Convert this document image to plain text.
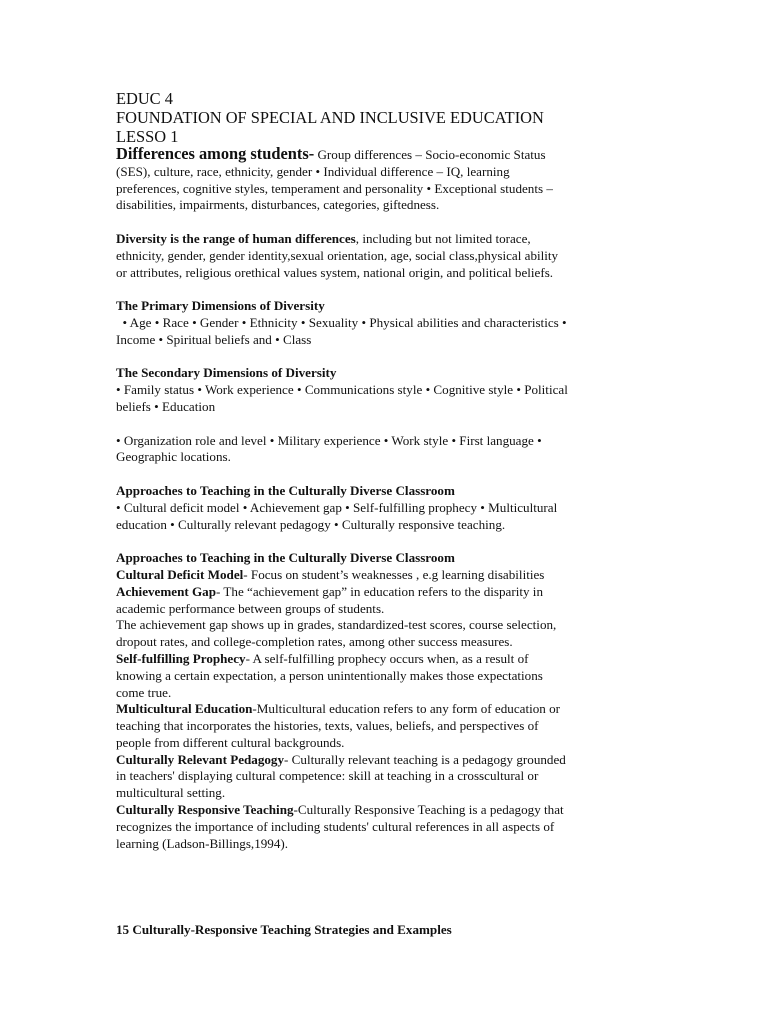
EDUC 4
FOUNDATION OF SPECIAL AND INCLUSIVE EDUCATION
LESSO 1
Differences among students- Group differences – Socio-economic Status
(SES), culture, race, ethnicity, gender • Individual difference – IQ, learning
preferences, cognitive styles, temperament and personality • Exceptional students –
disabilities, impairments, disturbances, categories, giftedness.
Diversity is the range of human differences, including but not limited torace,
ethnicity, gender, gender identity,sexual orientation, age, social class,physical ability
or attributes, religious orethical values system, national origin, and political beliefs.
The Primary Dimensions of Diversity
• Age • Race • Gender • Ethnicity • Sexuality • Physical abilities and characteristics •
Income • Spiritual beliefs and • Class
The Secondary Dimensions of Diversity
• Family status • Work experience • Communications style • Cognitive style • Political
beliefs • Education
• Organization role and level • Military experience • Work style • First language •
Geographic locations.
Approaches to Teaching in the Culturally Diverse Classroom
• Cultural deficit model • Achievement gap • Self-fulfilling prophecy • Multicultural
education • Culturally relevant pedagogy • Culturally responsive teaching.
Approaches to Teaching in the Culturally Diverse Classroom
Cultural Deficit Model- Focus on student’s weaknesses , e.g learning disabilities
Achievement Gap- The “achievement gap” in education refers to the disparity in
academic performance between groups of students.
The achievement gap shows up in grades, standardized-test scores, course selection,
dropout rates, and college-completion rates, among other success measures.
Self-fulfilling Prophecy- A self-fulfilling prophecy occurs when, as a result of
knowing a certain expectation, a person unintentionally makes those expectations
come true.
Multicultural Education-Multicultural education refers to any form of education or
teaching that incorporates the histories, texts, values, beliefs, and perspectives of
people from different cultural backgrounds.
Culturally Relevant Pedagogy- Culturally relevant teaching is a pedagogy grounded
in teachers' displaying cultural competence: skill at teaching in a crosscultural or
multicultural setting.
Culturally Responsive Teaching-Culturally Responsive Teaching is a pedagogy that
recognizes the importance of including students' cultural references in all aspects of
learning (Ladson-Billings,1994).
15 Culturally-Responsive Teaching Strategies and Examples
